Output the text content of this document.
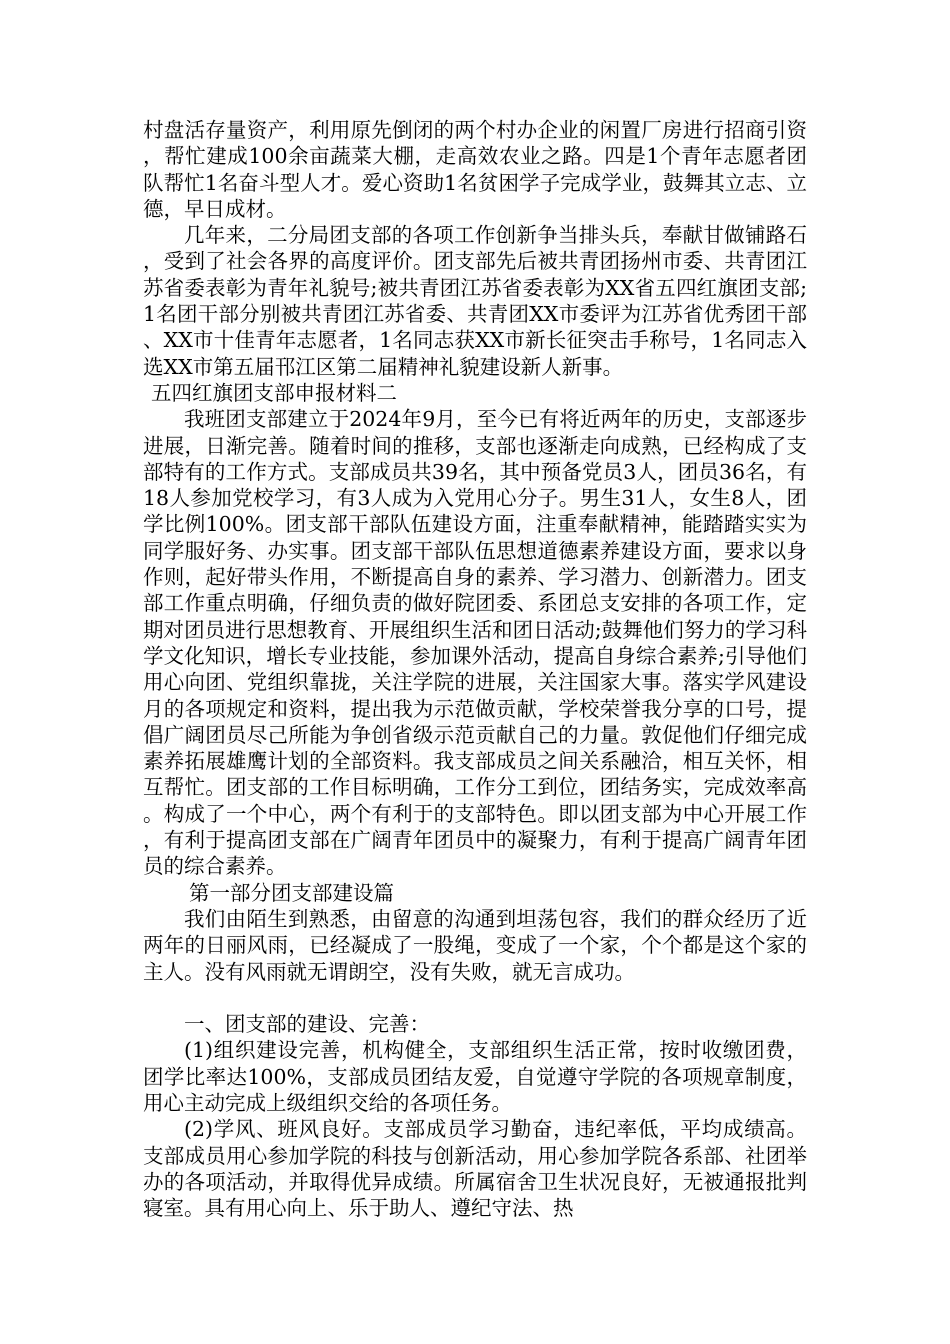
村盘活存量资产，利用原先倒闭的两个村办企业的闲置厂房进行招商引资，帮忙建成100余亩蔬菜大棚，走高效农业之路。四是1个青年志愿者团队帮忙1名奋斗型人才。爱心资助1名贫困学子完成学业，鼓舞其立志、立德，早日成材。

几年来，二分局团支部的各项工作创新争当排头兵，奉献甘做铺路石，受到了社会各界的高度评价。团支部先后被共青团扬州市委、共青团江苏省委表彰为青年礼貌号;被共青团江苏省委表彰为XX省五四红旗团支部;1名团干部分别被共青团江苏省委、共青团XX市委评为江苏省优秀团干部、XX市十佳青年志愿者，1名同志获XX市新长征突击手称号，1名同志入选XX市第五届邗江区第二届精神礼貌建设新人新事。

五四红旗团支部申报材料二

我班团支部建立于2024年9月，至今已有将近两年的历史，支部逐步进展，日渐完善。随着时间的推移，支部也逐渐走向成熟，已经构成了支部特有的工作方式。支部成员共39名，其中预备党员3人，团员36名，有18人参加党校学习，有3人成为入党用心分子。男生31人，女生8人，团学比例100%。团支部干部队伍建设方面，注重奉献精神，能踏踏实实为同学服好务、办实事。团支部干部队伍思想道德素养建设方面，要求以身作则，起好带头作用，不断提高自身的素养、学习潜力、创新潜力。团支部工作重点明确，仔细负责的做好院团委、系团总支安排的各项工作，定期对团员进行思想教育、开展组织生活和团日活动;鼓舞他们努力的学习科学文化知识，增长专业技能，参加课外活动，提高自身综合素养;引导他们用心向团、党组织靠拢，关注学院的进展，关注国家大事。落实学风建设月的各项规定和资料，提出我为示范做贡献，学校荣誉我分享的口号，提倡广阔团员尽己所能为争创省级示范贡献自己的力量。敦促他们仔细完成素养拓展雄鹰计划的全部资料。我支部成员之间关系融洽，相互关怀，相互帮忙。团支部的工作目标明确，工作分工到位，团结务实，完成效率高。构成了一个中心，两个有利于的支部特色。即以团支部为中心开展工作，有利于提高团支部在广阔青年团员中的凝聚力，有利于提高广阔青年团员的综合素养。

第一部分团支部建设篇

我们由陌生到熟悉，由留意的沟通到坦荡包容，我们的群众经历了近两年的日丽风雨，已经凝成了一股绳，变成了一个家，个个都是这个家的主人。没有风雨就无谓朗空，没有失败，就无言成功。

一、团支部的建设、完善：

(1)组织建设完善，机构健全，支部组织生活正常，按时收缴团费，团学比率达100%，支部成员团结友爱，自觉遵守学院的各项规章制度，用心主动完成上级组织交给的各项任务。

(2)学风、班风良好。支部成员学习勤奋，违纪率低，平均成绩高。支部成员用心参加学院的科技与创新活动，用心参加学院各系部、社团举办的各项活动，并取得优异成绩。所属宿舍卫生状况良好，无被通报批判寝室。具有用心向上、乐于助人、遵纪守法、热
